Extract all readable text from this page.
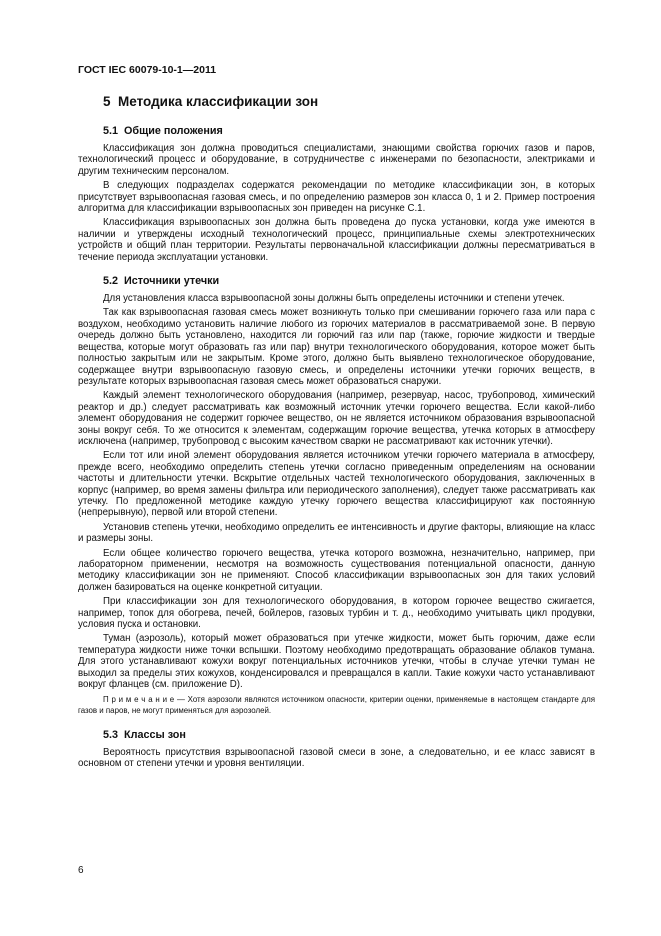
ГОСТ IEC 60079-10-1—2011
5 Методика классификации зон
5.1 Общие положения

Классификация зон должна проводиться специалистами, знающими свойства горючих газов и паров, технологический процесс и оборудование, в сотрудничестве с инженерами по безопасности, электриками и другим техническим персоналом.

В следующих подразделах содержатся рекомендации по методике классификации зон, в которых присутствует взрывоопасная газовая смесь, и по определению размеров зон класса 0, 1 и 2. Пример построения алгоритма для классификации взрывоопасных зон приведен на рисунке С.1.

Классификация взрывоопасных зон должна быть проведена до пуска установки, когда уже имеются в наличии и утверждены исходный технологический процесс, принципиальные схемы электротехнических устройств и общий план территории. Результаты первоначальной классификации должны пересматриваться в течение периода эксплуатации установки.

5.2 Источники утечки

Для установления класса взрывоопасной зоны должны быть определены источники и степени утечек.

Так как взрывоопасная газовая смесь может возникнуть только при смешивании горючего газа или пара с воздухом, необходимо установить наличие любого из горючих материалов в рассматриваемой зоне. В первую очередь должно быть установлено, находится ли горючий газ или пар (также, горючие жидкости и твердые вещества, которые могут образовать газ или пар) внутри технологического оборудования, которое может быть полностью закрытым или не закрытым. Кроме этого, должно быть выявлено технологическое оборудование, содержащее внутри взрывоопасную газовую смесь, и определены источники утечки горючих веществ, в результате которых взрывоопасная газовая смесь может образоваться снаружи.

Каждый элемент технологического оборудования (например, резервуар, насос, трубопровод, химический реактор и др.) следует рассматривать как возможный источник утечки горючего вещества. Если какой-либо элемент оборудования не содержит горючее вещество, он не является источником образования взрывоопасной зоны вокруг себя. То же относится к элементам, содержащим горючие вещества, утечка которых в атмосферу исключена (например, трубопровод с высоким качеством сварки не рассматривают как источник утечки).

Если тот или иной элемент оборудования является источником утечки горючего материала в атмосферу, прежде всего, необходимо определить степень утечки согласно приведенным определениям на основании частоты и длительности утечки. Вскрытие отдельных частей технологического оборудования, заключенных в корпус (например, во время замены фильтра или периодического заполнения), следует также рассматривать как утечку. По предложенной методике каждую утечку горючего вещества классифицируют как постоянную (непрерывную), первой или второй степени.

Установив степень утечки, необходимо определить ее интенсивность и другие факторы, влияющие на класс и размеры зоны.

Если общее количество горючего вещества, утечка которого возможна, незначительно, например, при лабораторном применении, несмотря на возможность существования потенциальной опасности, данную методику классификации зон не применяют. Способ классификации взрывоопасных зон для таких условий должен базироваться на оценке конкретной ситуации.

При классификации зон для технологического оборудования, в котором горючее вещество сжигается, например, топок для обогрева, печей, бойлеров, газовых турбин и т. д., необходимо учитывать цикл продувки, условия пуска и остановки.

Туман (аэрозоль), который может образоваться при утечке жидкости, может быть горючим, даже если температура жидкости ниже точки вспышки. Поэтому необходимо предотвращать образование облаков тумана. Для этого устанавливают кожухи вокруг потенциальных источников утечки, чтобы в случае утечки туман не выходил за пределы этих кожухов, конденсировался и превращался в капли. Такие кожухи часто устанавливают вокруг фланцев (см. приложение D).

П р и м е ч а н и е — Хотя аэрозоли являются источником опасности, критерии оценки, применяемые в настоящем стандарте для газов и паров, не могут применяться для аэрозолей.

5.3 Классы зон

Вероятность присутствия взрывоопасной газовой смеси в зоне, а следовательно, и ее класс зависят в основном от степени утечки и уровня вентиляции.

6
